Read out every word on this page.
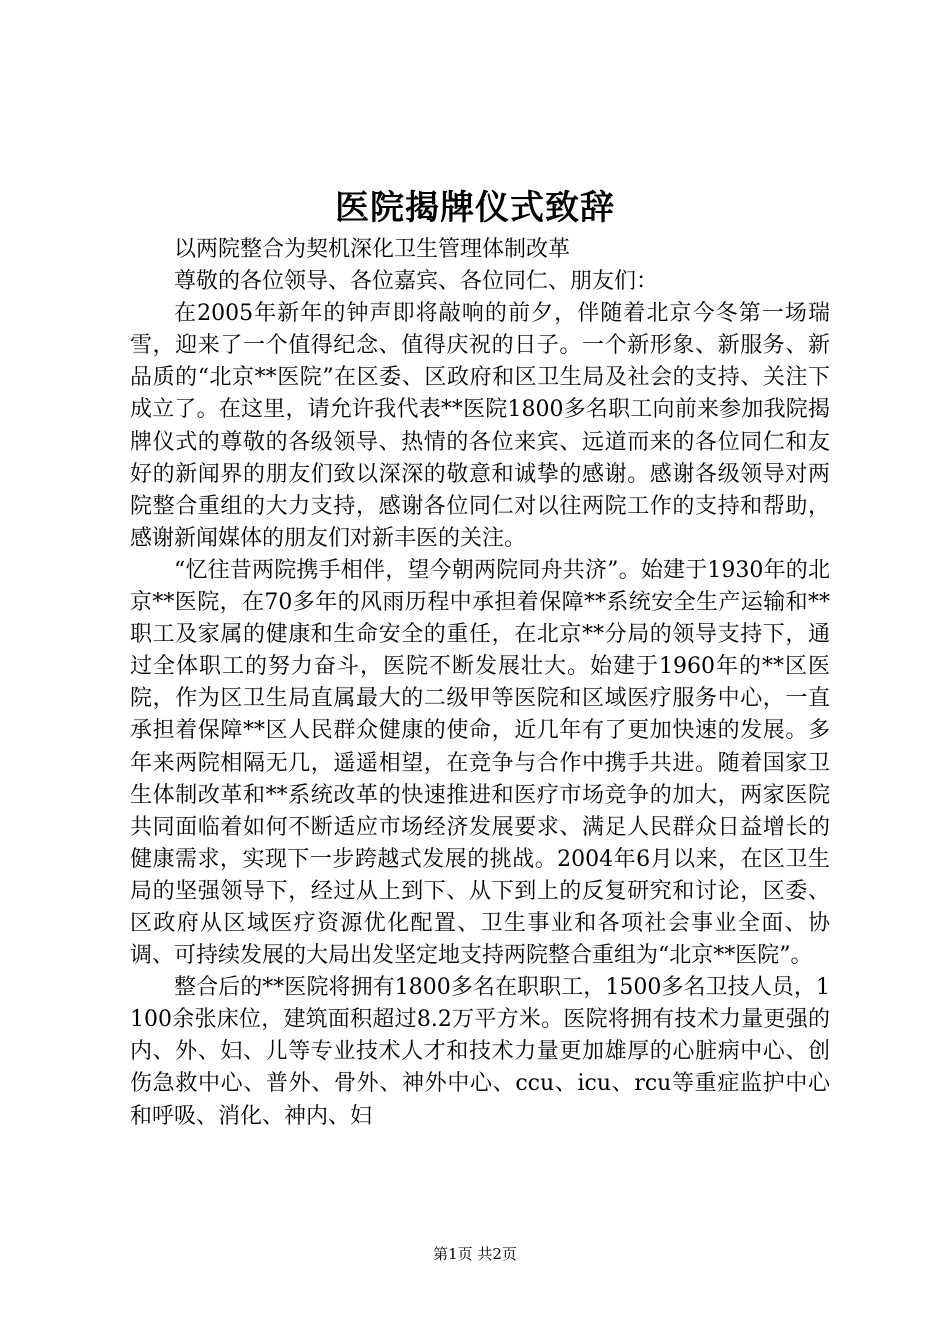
医院揭牌仪式致辞

以两院整合为契机深化卫生管理体制改革

尊敬的各位领导、各位嘉宾、各位同仁、朋友们：

在2005年新年的钟声即将敲响的前夕，伴随着北京今冬第一场瑞雪，迎来了一个值得纪念、值得庆祝的日子。一个新形象、新服务、新品质的“北京**医院”在区委、区政府和区卫生局及社会的支持、关注下成立了。在这里，请允许我代表**医院1800多名职工向前来参加我院揭牌仪式的尊敬的各级领导、热情的各位来宾、远道而来的各位同仁和友好的新闻界的朋友们致以深深的敬意和诚挚的感谢。感谢各级领导对两院整合重组的大力支持，感谢各位同仁对以往两院工作的支持和帮助，感谢新闻媒体的朋友们对新丰医的关注。

“忆往昔两院携手相伴，望今朝两院同舟共济”。始建于1930年的北京**医院，在70多年的风雨历程中承担着保障**系统安全生产运输和**职工及家属的健康和生命安全的重任，在北京**分局的领导支持下，通过全体职工的努力奋斗，医院不断发展壮大。始建于1960年的**区医院，作为区卫生局直属最大的二级甲等医院和区域医疗服务中心，一直承担着保障**区人民群众健康的使命，近几年有了更加快速的发展。多年来两院相隔无几，遥遥相望，在竞争与合作中携手共进。随着国家卫生体制改革和**系统改革的快速推进和医疗市场竞争的加大，两家医院共同面临着如何不断适应市场经济发展要求、满足人民群众日益增长的健康需求，实现下一步跨越式发展的挑战。2004年6月以来，在区卫生局的坚强领导下，经过从上到下、从下到上的反复研究和讨论，区委、区政府从区域医疗资源优化配置、卫生事业和各项社会事业全面、协调、可持续发展的大局出发坚定地支持两院整合重组为“北京**医院”。

整合后的**医院将拥有1800多名在职职工，1500多名卫技人员，1100余张床位，建筑面积超过8.2万平方米。医院将拥有技术力量更强的内、外、妇、儿等专业技术人才和技术力量更加雄厚的心脏病中心、创伤急救中心、普外、骨外、神外中心、ccu、icu、rcu等重症监护中心和呼吸、消化、神内、妇

第1页 共2页
